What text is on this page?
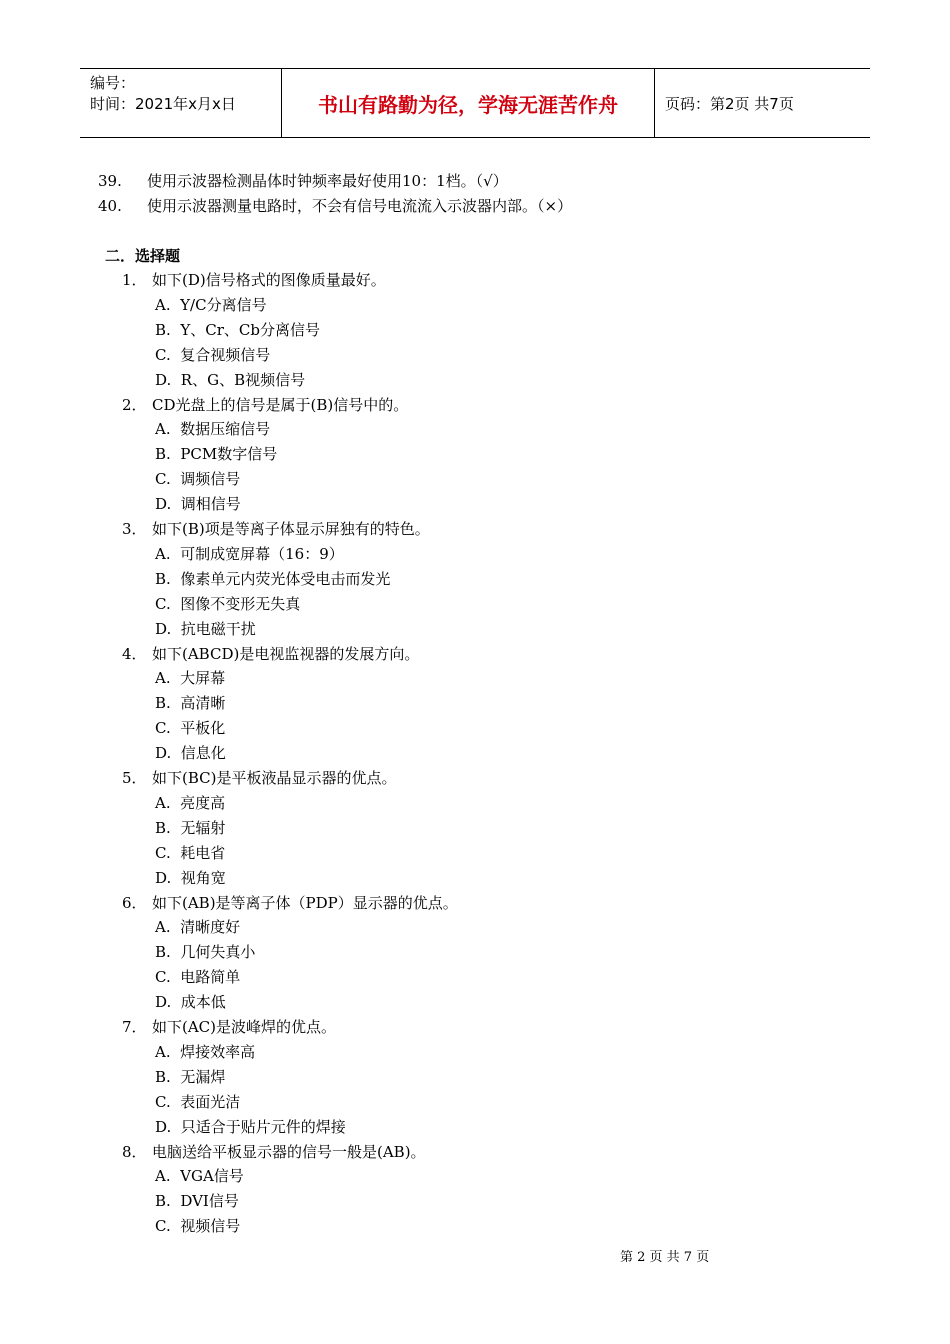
编号：
时间：2021年x月x日	书山有路勤为径，学海无涯苦作舟	页码：第2页 共7页
二．选择题
第 2 页 共 7 页
39. 使用示波器检测晶体时钟频率最好使用10：1档。（√）
40. 使用示波器测量电路时，不会有信号电流流入示波器内部。（×）
1． 如下(D)信号格式的图像质量最好。
A.  Y/C分离信号
B.  Y、Cr、Cb分离信号
C.  复合视频信号
D.  R、G、B视频信号
2． CD光盘上的信号是属于(B)信号中的。
A.  数据压缩信号
B.  PCM数字信号
C.  调频信号
D.  调相信号
3． 如下(B)项是等离子体显示屏独有的特色。
A.  可制成宽屏幕（16：9）
B.  像素单元内荧光体受电击而发光
C.  图像不变形无失真
D.  抗电磁干扰
4． 如下(ABCD)是电视监视器的发展方向。
A.  大屏幕
B.  高清晰
C.  平板化
D.  信息化
5． 如下(BC)是平板液晶显示器的优点。
A.  亮度高
B.  无辐射
C.  耗电省
D.  视角宽
6． 如下(AB)是等离子体（PDP）显示器的优点。
A.  清晰度好
B.  几何失真小
C.  电路简单
D.  成本低
7． 如下(AC)是波峰焊的优点。
A.  焊接效率高
B.  无漏焊
C.  表面光洁
D.  只适合于贴片元件的焊接
8． 电脑送给平板显示器的信号一般是(AB)。
A.  VGA信号
B.  DVI信号
C.  视频信号
